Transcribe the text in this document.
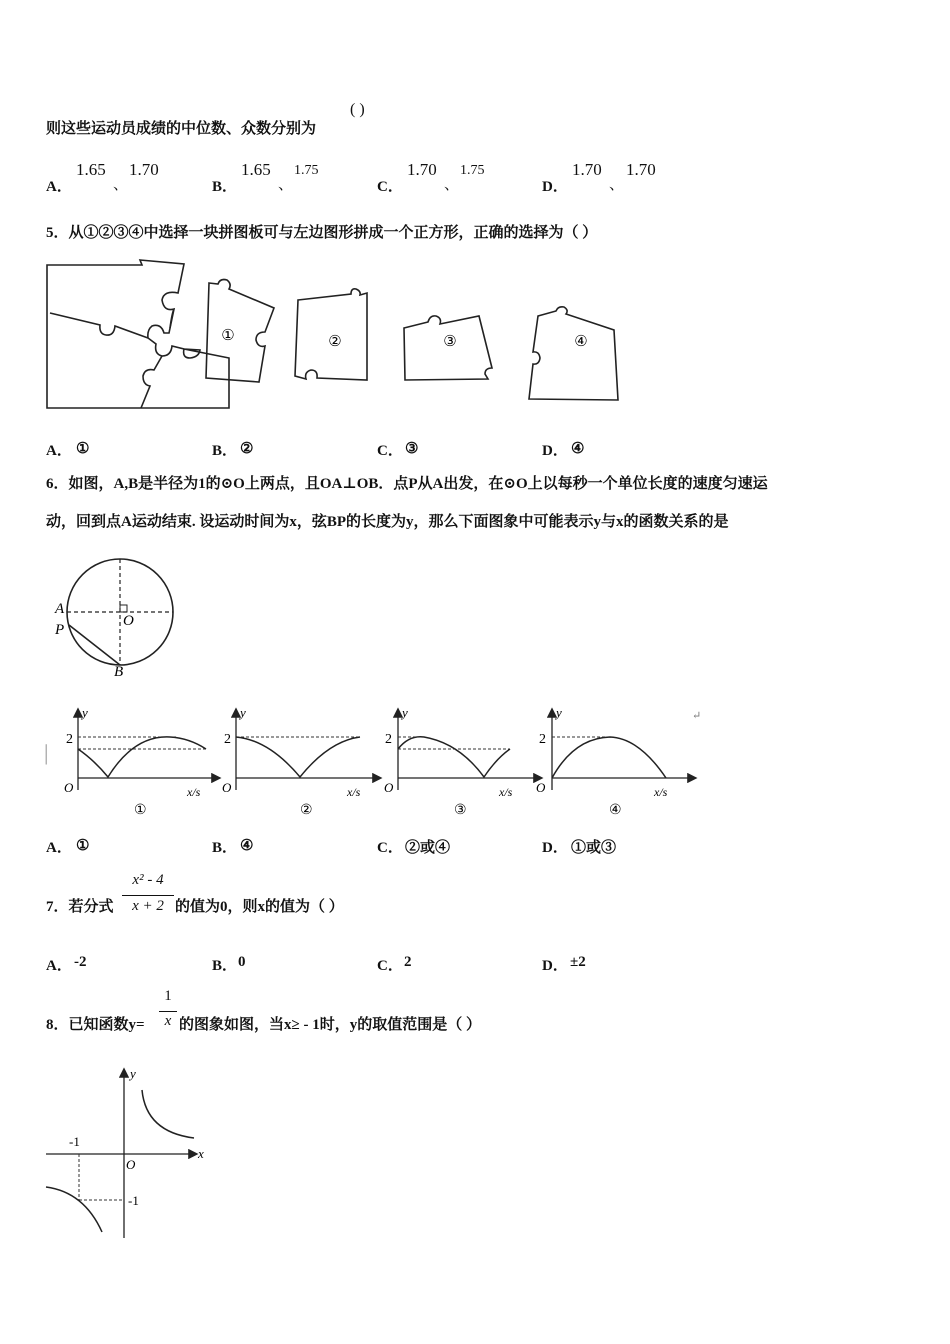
则这些运动员成绩的中位数、众数分别为
( )
A．
1.65
、
1.70
B．
1.65
、
1.75
C．
1.70
、
1.75
D．
1.70
、
1.70
5．从①②③④中选择一块拼图板可与左边图形拼成一个正方形，正确的选择为（ ）
①	②	③	④
A． ①	B． ②	C． ③	D． ④
6．如图，A,B是半径为1的⊙O上两点，且OA⊥OB．点P从A出发，在⊙O上以每秒一个单位长度的速度匀速运
动，回到点A运动结束. 设运动时间为x，弦BP的长度为y，那么下面图象中可能表示y与x的函数关系的是
A
P
O
B
|
y
2
O	x/s
①
y
2
O	x/s
②
y
2
O	x/s
③
y
2
O	x/s
④
↵
A． ①	B． ④	C． ②或④	D． ①或③
7．若分式
x² - 4
x + 2 的值为0，则x的值为（ ）
A． -2	B． 0	C． 2	D． ±2
8．已知函数y=
1
x 的图象如图，当x≥ - 1时，y的取值范围是（ ）
y
x
O
-1
-1
